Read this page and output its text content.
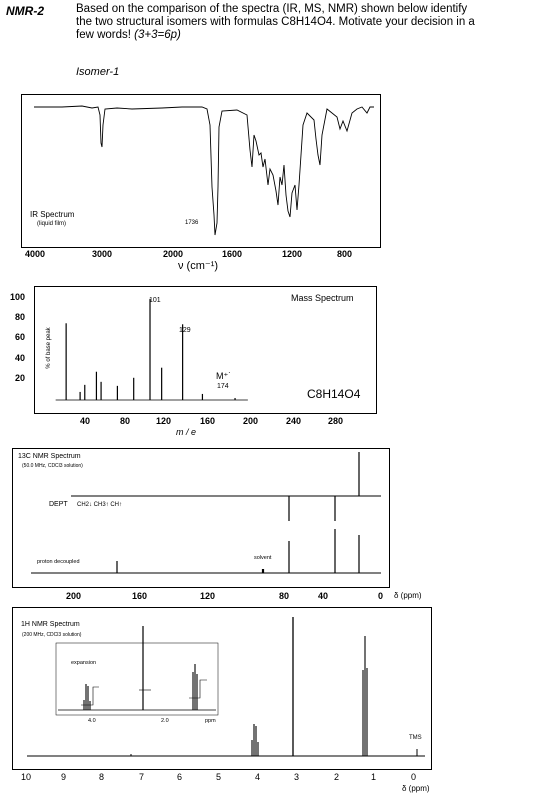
NMR-2	Based on the comparison of the spectra (IR, MS, NMR) shown below identify
the two structural isomers with formulas C8H14O4. Motivate your decision in a
few words! (3+3=6p)
Isomer-1
IR Spectrum
(liquid film)	1736
4000	3000	2000	1600	1200	800
ν (cm⁻¹)
Mass Spectrum
101
129
M⁺˙
174
C8H14O4
% of base peak
100
80
60
40
20
40	80	120	160	200	240	280
m / e
13C NMR Spectrum
(50.0 MHz, CDCl3 solution)
DEPT CH2↓ CH3↑ CH↑
proton decoupled
solvent
200	160	120	80	40	0 δ (ppm)
1H NMR Spectrum
(200 MHz, CDCl3 solution)
expansion
4.0	2.0	ppm
TMS
10	9	8	7	6	5	4	3	2	1	0
δ (ppm)
